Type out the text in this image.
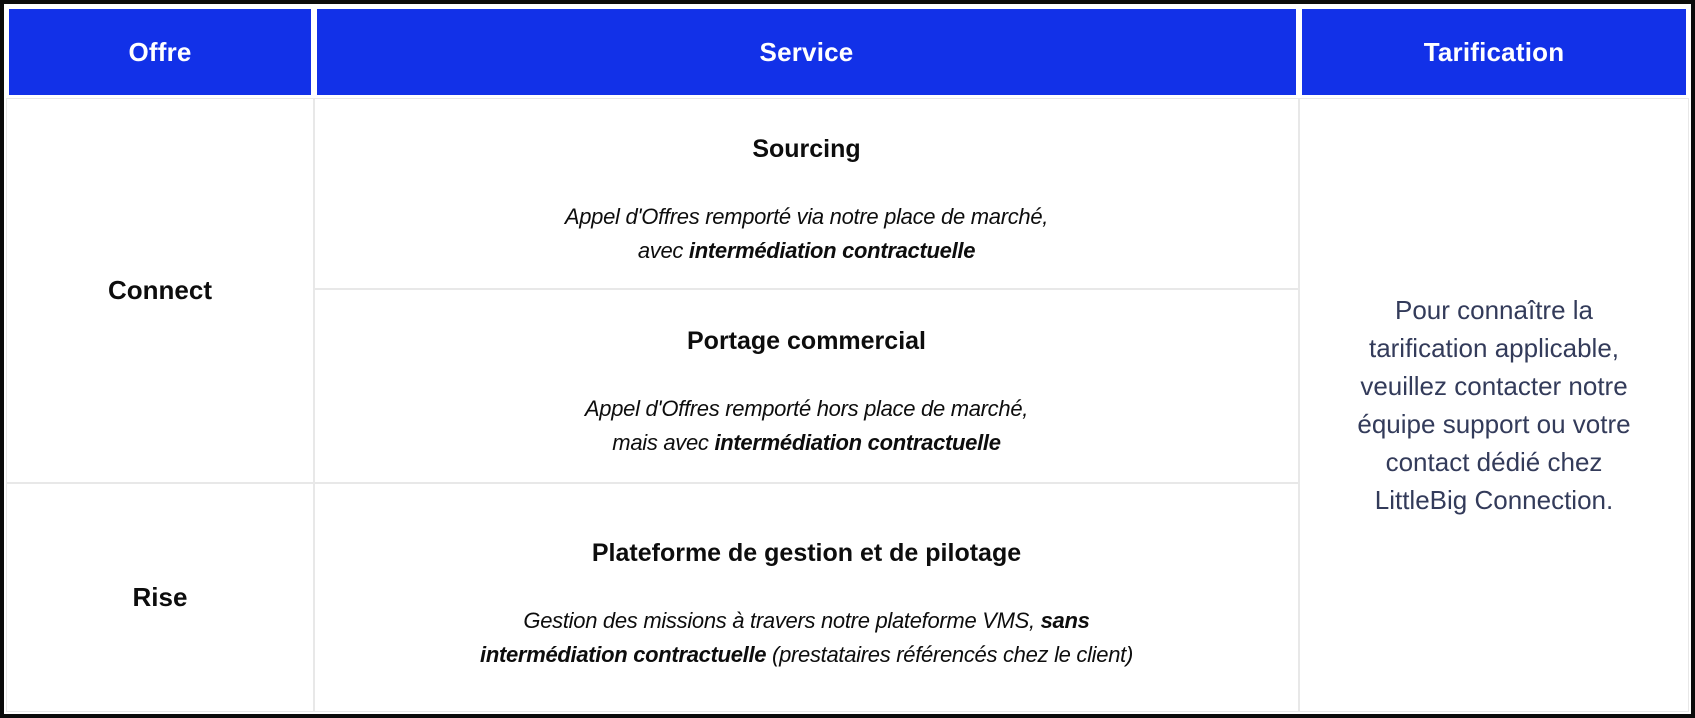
Offre	Service	Tarification
Connect
Rise
Sourcing
Appel d'Offres remporté via notre place de marché,
avec intermédiation contractuelle
Portage commercial
Appel d'Offres remporté hors place de marché,
mais avec intermédiation contractuelle
Plateforme de gestion et de pilotage
Gestion des missions à travers notre plateforme VMS, sans
intermédiation contractuelle (prestataires référencés chez le client)
Pour connaître la tarification applicable, veuillez contacter notre équipe support ou votre contact dédié chez LittleBig Connection.
